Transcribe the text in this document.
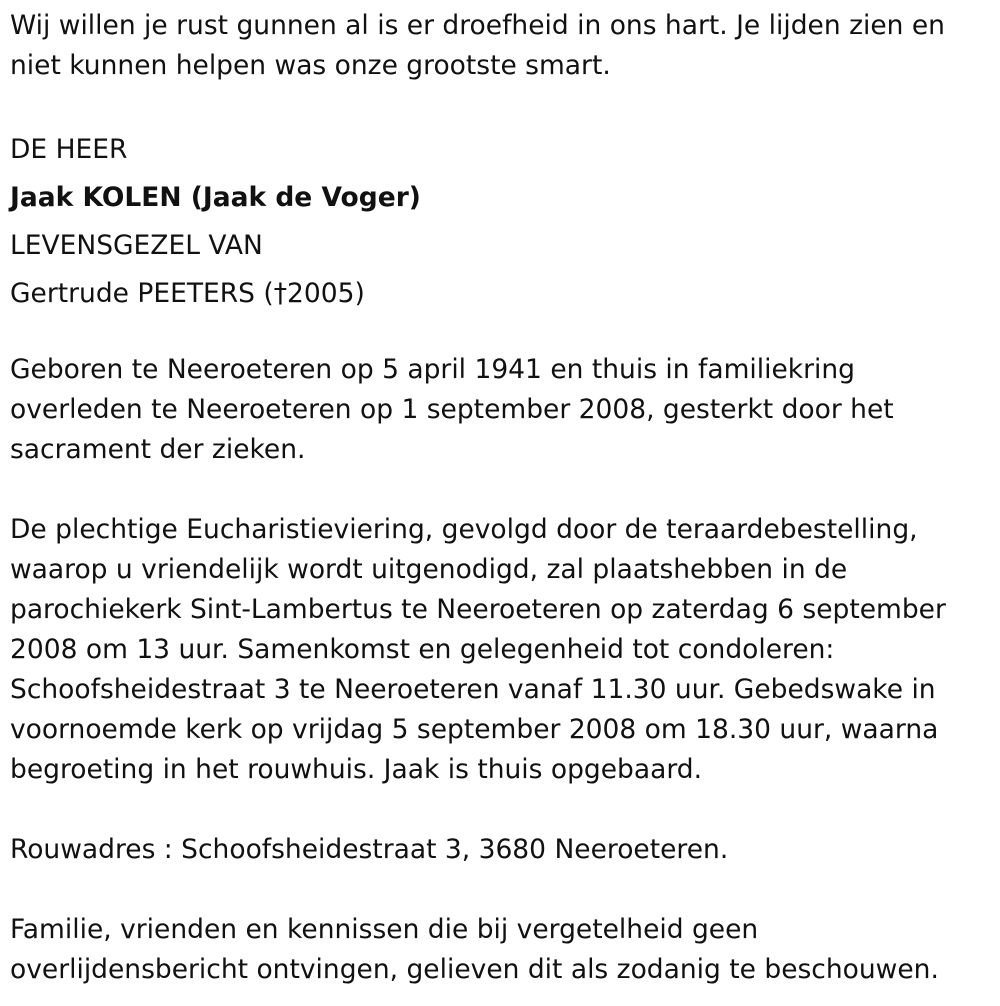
Wij willen je rust gunnen al is er droefheid in ons hart. Je lijden zien en
niet kunnen helpen was onze grootste smart.

DE HEER

Jaak KOLEN (Jaak de Voger)

LEVENSGEZEL VAN

Gertrude PEETERS (†2005)

Geboren te Neeroeteren op 5 april 1941 en thuis in familiekring
overleden te Neeroeteren op 1 september 2008, gesterkt door het
sacrament der zieken.

De plechtige Eucharistieviering, gevolgd door de teraardebestelling,
waarop u vriendelijk wordt uitgenodigd, zal plaatshebben in de
parochiekerk Sint-Lambertus te Neeroeteren op zaterdag 6 september
2008 om 13 uur. Samenkomst en gelegenheid tot condoleren:
Schoofsheidestraat 3 te Neeroeteren vanaf 11.30 uur. Gebedswake in
voornoemde kerk op vrijdag 5 september 2008 om 18.30 uur, waarna
begroeting in het rouwhuis. Jaak is thuis opgebaard.

Rouwadres : Schoofsheidestraat 3, 3680 Neeroeteren.

Familie, vrienden en kennissen die bij vergetelheid geen
overlijdensbericht ontvingen, gelieven dit als zodanig te beschouwen.
